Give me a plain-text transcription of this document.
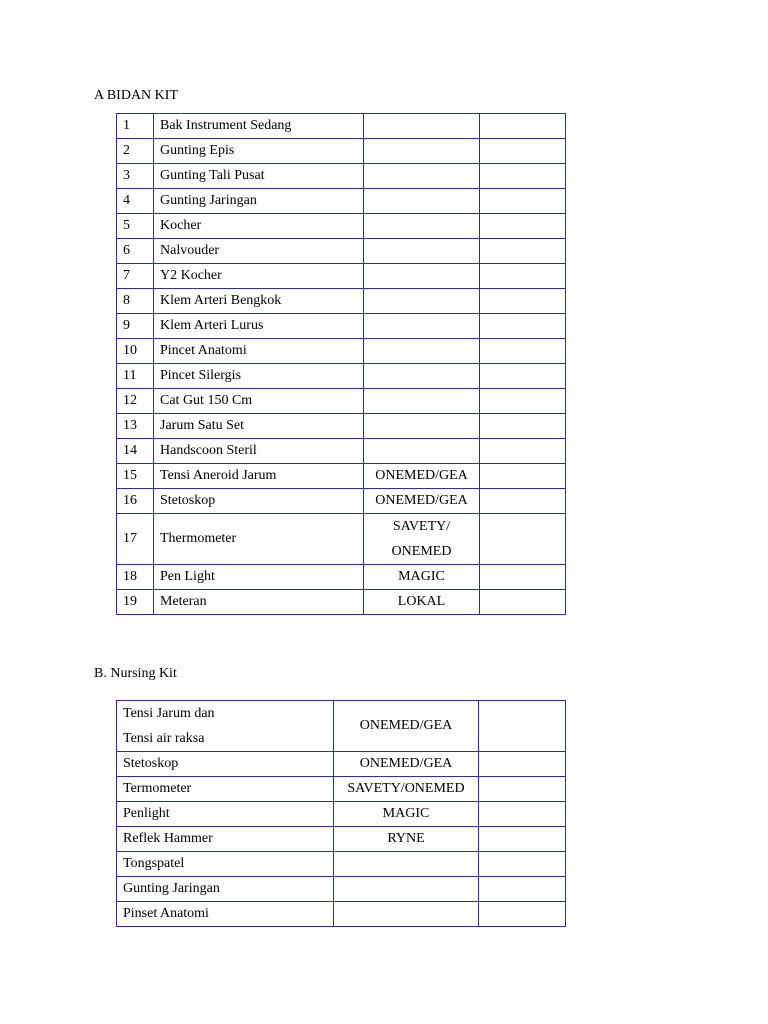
A BIDAN KIT
1	Bak Instrument Sedang		
2	Gunting Epis		
3	Gunting Tali Pusat		
4	Gunting Jaringan		
5	Kocher		
6	Nalvouder		
7	Y2 Kocher		
8	Klem Arteri Bengkok		
9	Klem Arteri Lurus		
10	Pincet Anatomi		
11	Pincet Silergis		
12	Cat Gut 150 Cm		
13	Jarum Satu Set		
14	Handscoon Steril		
15	Tensi Aneroid Jarum	ONEMED/GEA	
16	Stetoskop	ONEMED/GEA	
17	Thermometer	SAVETY/
ONEMED	

18	Pen Light	MAGIC	
19	Meteran	LOKAL	
B. Nursing Kit
Tensi Jarum dan
Tensi air raksa	ONEMED/GEA	
Stetoskop	ONEMED/GEA	
Termometer	SAVETY/ONEMED	
Penlight	MAGIC	
Reflek Hammer	RYNE	
Tongspatel		
Gunting Jaringan		
Pinset Anatomi		
